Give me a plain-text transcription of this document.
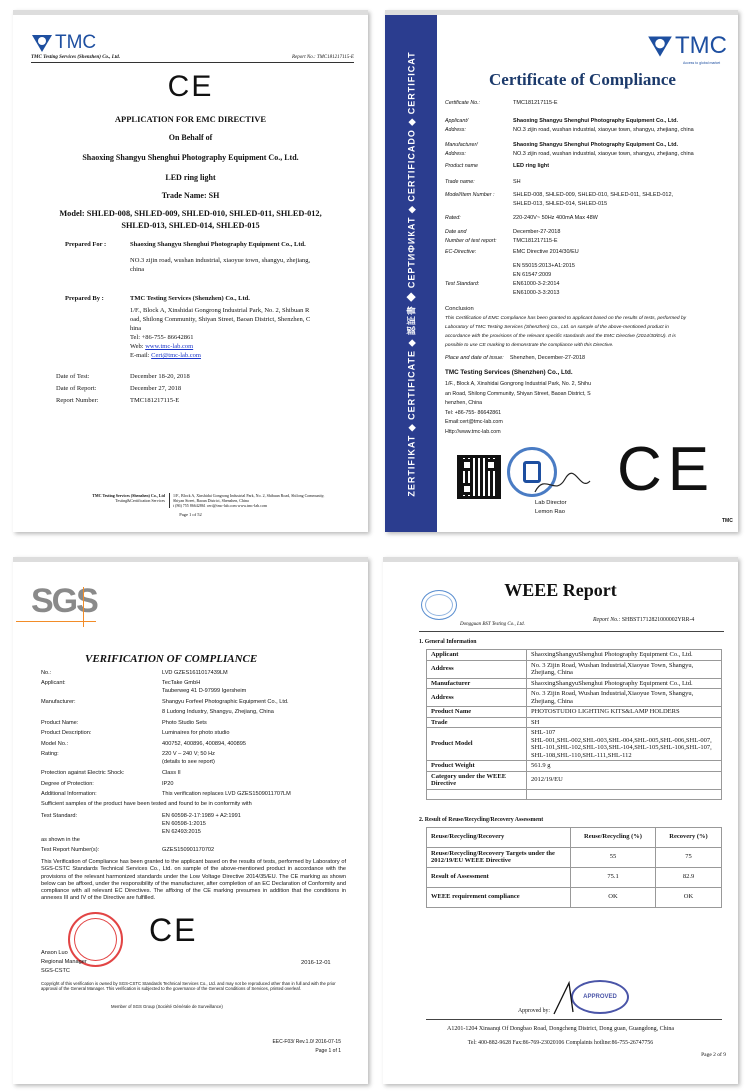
TMC
TMC Testing Services (Shenzhen) Co., Ltd.	Report No.: TMC181217115-E
CE
APPLICATION FOR EMC DIRECTIVE
On Behalf of
Shaoxing Shangyu Shenghui Photography Equipment Co., Ltd.
LED ring light
Trade Name: SH
Model: SHLED-008, SHLED-009, SHLED-010, SHLED-011, SHLED-012,
SHLED-013, SHLED-014, SHLED-015
Prepared For :	Shaoxing Shangyu Shenghui Photography Equipment Co., Ltd.
NO.3 zijin road, wushan industrial, xiaoyue town, shangyu, zhejiang,
china
Prepared By :	TMC Testing Services (Shenzhen) Co., Ltd.
1/F., Block A, Xinshidai Gongrong Industrial Park, No. 2, Shibuan R
oad, Shilong Community, Shiyan Street, Baoan District, Shenzhen, C
hina
Tel: +86-755- 86642861
Web: www.tmc-lab.com
E-mail: Cert@tmc-lab.com
Date of Test:	December 18-20, 2018
Date of Report:	December 27, 2018
Report Number:	TMC181217115-E
TMC Testing Services (Shenzhen) Co., Ltd
Testing&Certification Services
1/F., Block A, Xinshidai Gongrong Industrial Park, No. 2, Shibuan Road, Shilong Community,
Shiyan Street, Baoan District, Shenzhen, China
t (86) 755 86642861 cert@tmc-lab.com www.tmc-lab.com
Page 1 of 52
ZERTIFIKAT ◆ CERTIFICATE ◆ 認証書 ◆ СЕРТИФИКАТ ◆ CERTIFICADO ◆ CERTIFICAT
TMC
Access to global market
Certificate of Compliance
Certificate No.:	TMC181217115-E
Applicant/	Shaoxing Shangyu Shenghui Photography Equipment Co., Ltd.
Address:	NO.3 zijin road, wushan industrial, xiaoyue town, shangyu, zhejiang, china
Manufacturer/	Shaoxing Shangyu Shenghui Photography Equipment Co., Ltd.
Address:	NO.3 zijin road, wushan industrial, xiaoyue town, shangyu, zhejiang, china
Product name	LED ring light
Trade name:	SH
Model/Item Number :	SHLED-008, SHLED-009, SHLED-010, SHLED-011, SHLED-012,
SHLED-013, SHLED-014, SHLED-015
Rated:	220-240V~ 50Hz 400mA Max 48W
Date and	December-27-2018
Number of test report:	TMC181217115-E
EC-Directive:	EMC Directive 2014/30/EU
EN 55015:2013+A1:2015
EN 61547:2009
Test Standard:	EN61000-3-2:2014
EN61000-3-3:2013
Conclusion
This Certification of EMC Compliance has been granted to applicant based on the results of tests, performed by
Laboratory of TMC Testing Services (Shenzhen) Co., Ltd. on sample of the above-mentioned product in
accordance with the provisions of the relevant specific standards and the EMC Directive (2014/30/EU). It is
possible to use CE marking to demonstrate the compliance with this Directive.
Place and date of issue: Shenzhen, December-27-2018
TMC Testing Services (Shenzhen) Co., Ltd.
1/F., Block A, Xinshidai Gongrong Industrial Park, No. 2, Shihu
an Road, Shilong Community, Shiyan Street, Baoan District, S
henzhen, China
Tel: +86-755- 86642861
Email:cert@tmc-lab.com
Http://www.tmc-lab.com
Lab Director
Lemon Rao
CE
TMC
SGS
VERIFICATION OF COMPLIANCE
No.:	LVD GZES1611017439LM
Applicant:	TecTake GmbH
Tauberweg 41 D-97999 Igersheim
Manufacturer:	Shangyu Forfeel Photographic Equipment Co., Ltd.
8 Ludong Industry, Shangyu, Zhejiang, China
Product Name:	Photo Studio Sets
Product Description:	Luminaires for photo studio
Model No.:	400752, 400896, 400894, 400895
Rating:	220 V – 240 V; 50 Hz
(details to see report)
Protection against Electric Shock:	Class II
Degree of Protection:	IP20
Additional Information:	This verification replaces LVD GZES1509011707LM
Sufficient samples of the product have been tested and found to be in conformity with
Test Standard:	EN 60598-2-17:1989 + A2:1991
EN 60598-1:2015
EN 62493:2015
as shown in the
Test Report Number(s):	GZES150901170702
This Verification of Compliance has been granted to the applicant based on the results of tests, performed by Laboratory of SGS-CSTC Standards Technical Services Co., Ltd. on sample of the above-mentioned product in accordance with the provisions of the relevant harmonized standards under the Low Voltage Directive 2014/35/EU. The CE marking as shown below can be affixed, under the responsibility of the manufacturer, after completion of an EC Declaration of Conformity and compliance with all relevant EC Directives. The affixing of the CE marking presumes in addition that the conditions in annexes III and IV of the Directive are fulfilled.
CE
Anson Luo
Regional Manager
SGS-CSTC
2016-12-01
Copyright of this verification is owned by SGS-CSTC Standards Technical Services Co., Ltd. and may not be reproduced other than in full and with the prior approval of the General Manager. This verification is subjected to the governance of the General Conditions of Services, printed overleaf.
Member of SGS Group (Société Générale de Surveillance)
EEC-F03/ Rev.1.0/ 2016-07-15
Page 1 of 1
WEEE Report
Dongguan BST Testing Co., Ltd.
Report No.: SHBST1712821000002YRR-4
1. General Information
Applicant	ShaoxingShangyuShenghui Photography Equipment Co., Ltd.

Address	No. 3 Zijin Road, Wushan Industrial,Xiaoyue Town, Shangyu,
Zhejiang, China

Manufacturer	ShaoxingShangyuShenghui Photography Equipment Co., Ltd.

Address	No. 3 Zijin Road, Wushan Industrial,Xiaoyue Town, Shangyu,
Zhejiang, China

Product Name	PHOTOSTUDIO LIGHTING KITS&LAMP HOLDERS

Trade	SH

Product Model	SHL-107
SHL-001,SHL-002,SHL-003,SHL-004,SHL-005,SHL-006,SHL-007,
SHL-101,SHL-102,SHL-103,SHL-104,SHL-105,SHL-106,SHL-107,
SHL-108,SHL-110,SHL-111,SHL-112

Product Weight	561.9 g

Category under the WEEE Directive	2012/19/EU

2. Result of Reuse/Recycling/Recovery Assessment
Reuse/Recycling/Recovery	Reuse/Recycling (%)	Recovery (%)
Reuse/Recycling/Recovery Targets under the 2012/19/EU WEEE Directive	55	75
Result of Assessment	75.1	82.9
WEEE requirement compliance	OK	OK
Approved by:
APPROVED
A1201-1204 Xinsanqi Of Dongbao Road, Dongcheng District, Dong guan, Guangdong, China
Tel: 400-882-9628 Fax:86-769-23020106 Complaints hotline:86-755-26747756
Page 2 of 9
